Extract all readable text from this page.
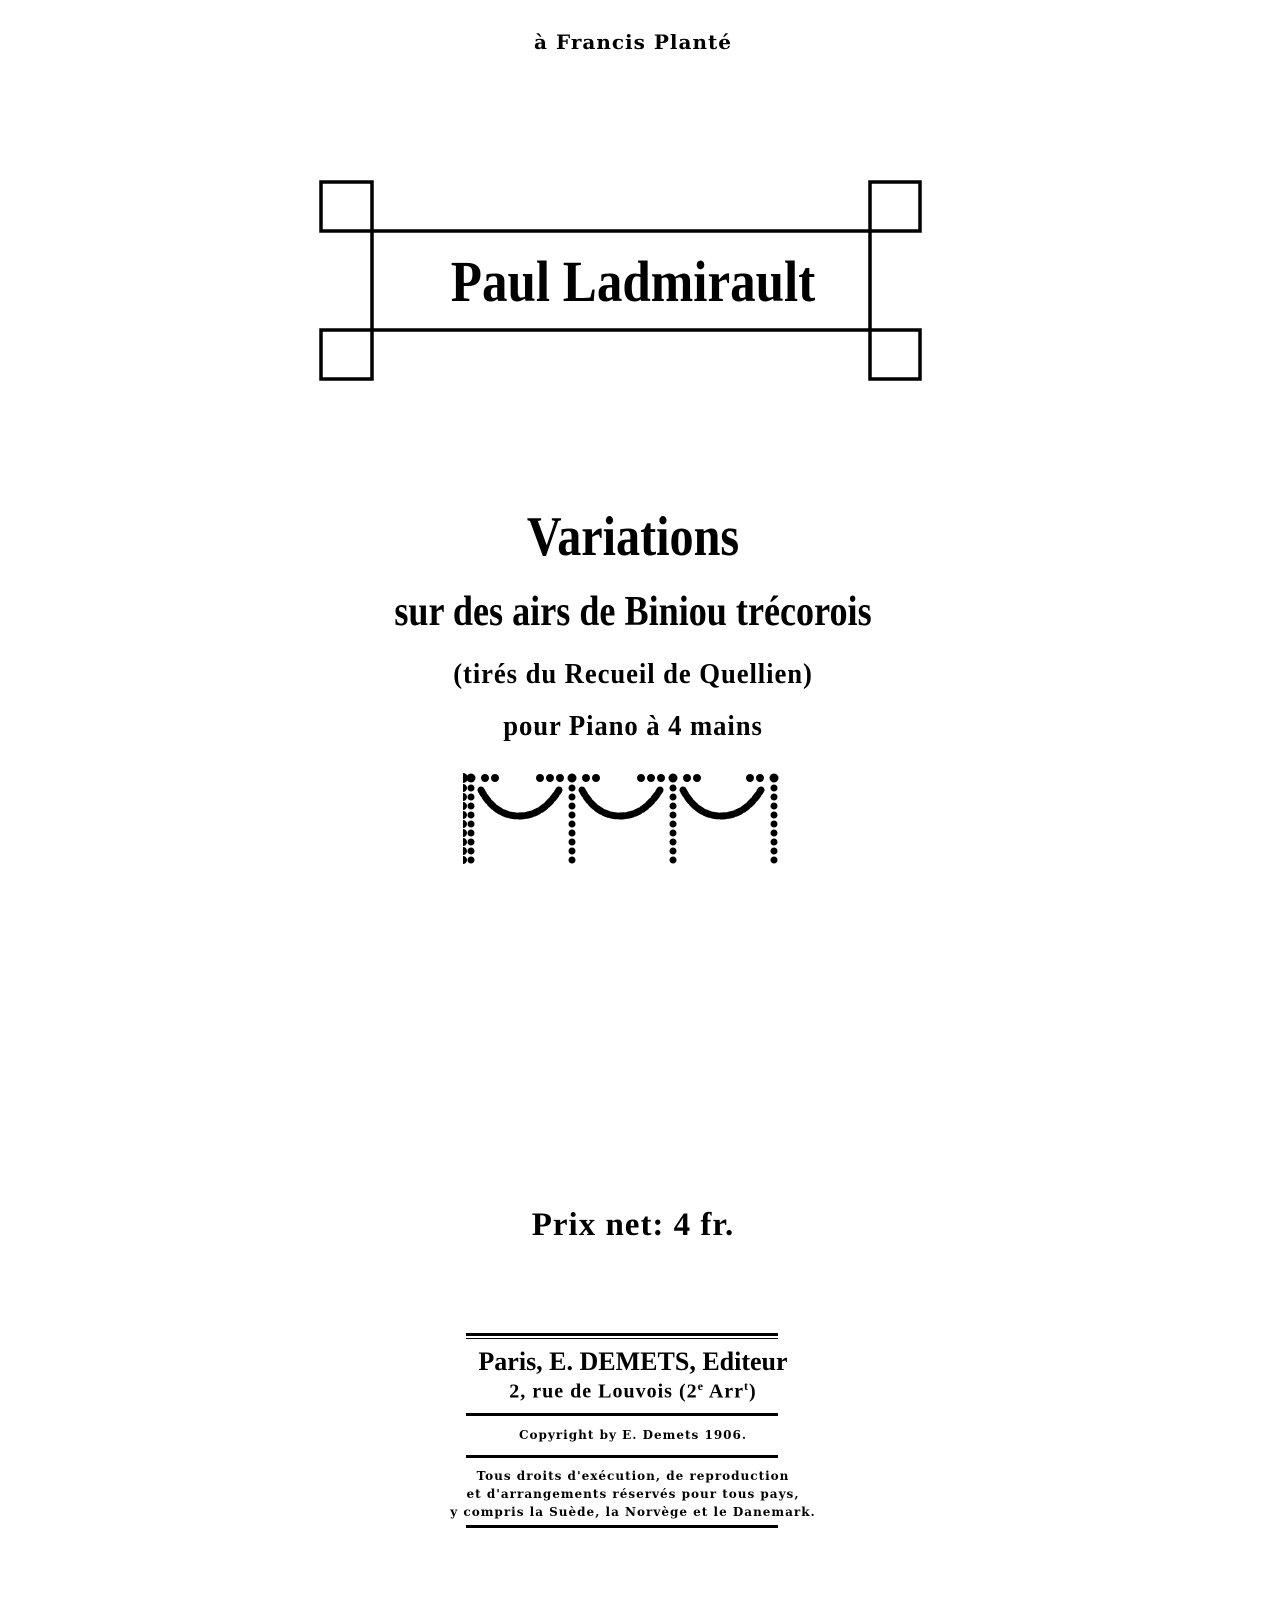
à Francis Planté
Paul Ladmirault
Variations
sur des airs de Biniou trécorois
(tirés du Recueil de Quellien)
pour Piano à 4 mains
Prix net: 4 fr.
Paris, E. DEMETS, Editeur
2, rue de Louvois (2e Arr$^t$)
Copyright by E. Demets 1906.
Tous droits d'exécution, de reproduction
et d'arrangements réservés pour tous pays,
y compris la Suède, la Norvège et le Danemark.
